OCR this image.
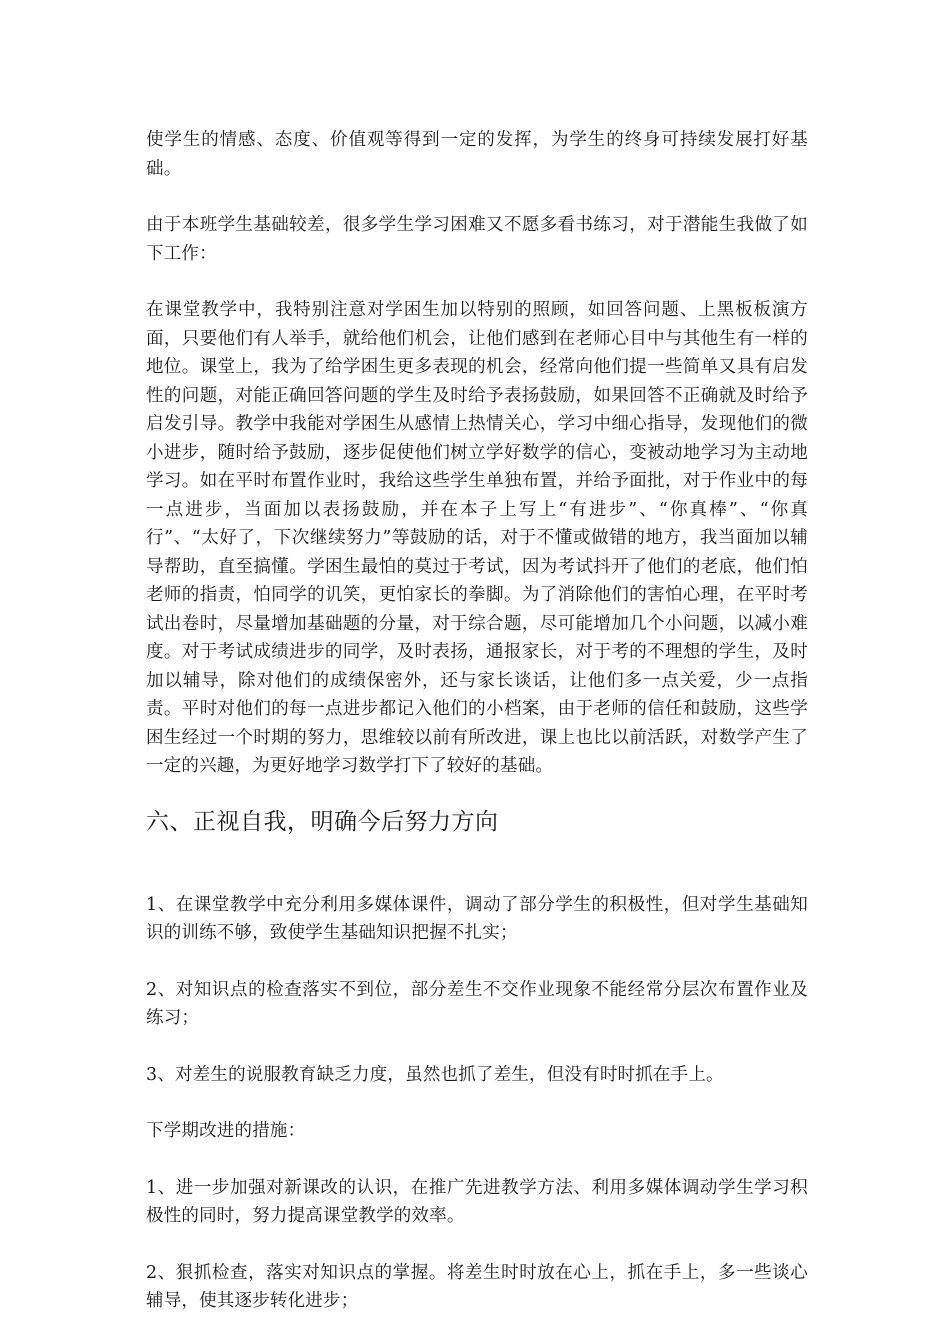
使学生的情感、态度、价值观等得到一定的发挥，为学生的终身可持续发展打好基础。

由于本班学生基础较差，很多学生学习困难又不愿多看书练习，对于潜能生我做了如下工作：

在课堂教学中，我特别注意对学困生加以特别的照顾，如回答问题、上黑板板演方面，只要他们有人举手，就给他们机会，让他们感到在老师心目中与其他生有一样的地位。课堂上，我为了给学困生更多表现的机会，经常向他们提一些简单又具有启发性的问题，对能正确回答问题的学生及时给予表扬鼓励，如果回答不正确就及时给予启发引导。教学中我能对学困生从感情上热情关心，学习中细心指导，发现他们的微小进步，随时给予鼓励，逐步促使他们树立学好数学的信心，变被动地学习为主动地学习。如在平时布置作业时，我给这些学生单独布置，并给予面批，对于作业中的每一点进步，当面加以表扬鼓励，并在本子上写上“有进步”、“你真棒”、“你真行”、“太好了，下次继续努力”等鼓励的话，对于不懂或做错的地方，我当面加以辅导帮助，直至搞懂。学困生最怕的莫过于考试，因为考试抖开了他们的老底，他们怕老师的指责，怕同学的讥笑，更怕家长的拳脚。为了消除他们的害怕心理，在平时考试出卷时，尽量增加基础题的分量，对于综合题，尽可能增加几个小问题，以减小难度。对于考试成绩进步的同学，及时表扬，通报家长，对于考的不理想的学生，及时加以辅导，除对他们的成绩保密外，还与家长谈话，让他们多一点关爱，少一点指责。平时对他们的每一点进步都记入他们的小档案，由于老师的信任和鼓励，这些学困生经过一个时期的努力，思维较以前有所改进，课上也比以前活跃，对数学产生了一定的兴趣，为更好地学习数学打下了较好的基础。

六、正视自我，明确今后努力方向

1、在课堂教学中充分利用多媒体课件，调动了部分学生的积极性，但对学生基础知识的训练不够，致使学生基础知识把握不扎实；

2、对知识点的检查落实不到位，部分差生不交作业现象不能经常分层次布置作业及练习；

3、对差生的说服教育缺乏力度，虽然也抓了差生，但没有时时抓在手上。

下学期改进的措施：

1、进一步加强对新课改的认识，在推广先进教学方法、利用多媒体调动学生学习积极性的同时，努力提高课堂教学的效率。

2、狠抓检查，落实对知识点的掌握。将差生时时放在心上，抓在手上，多一些谈心辅导，使其逐步转化进步；
